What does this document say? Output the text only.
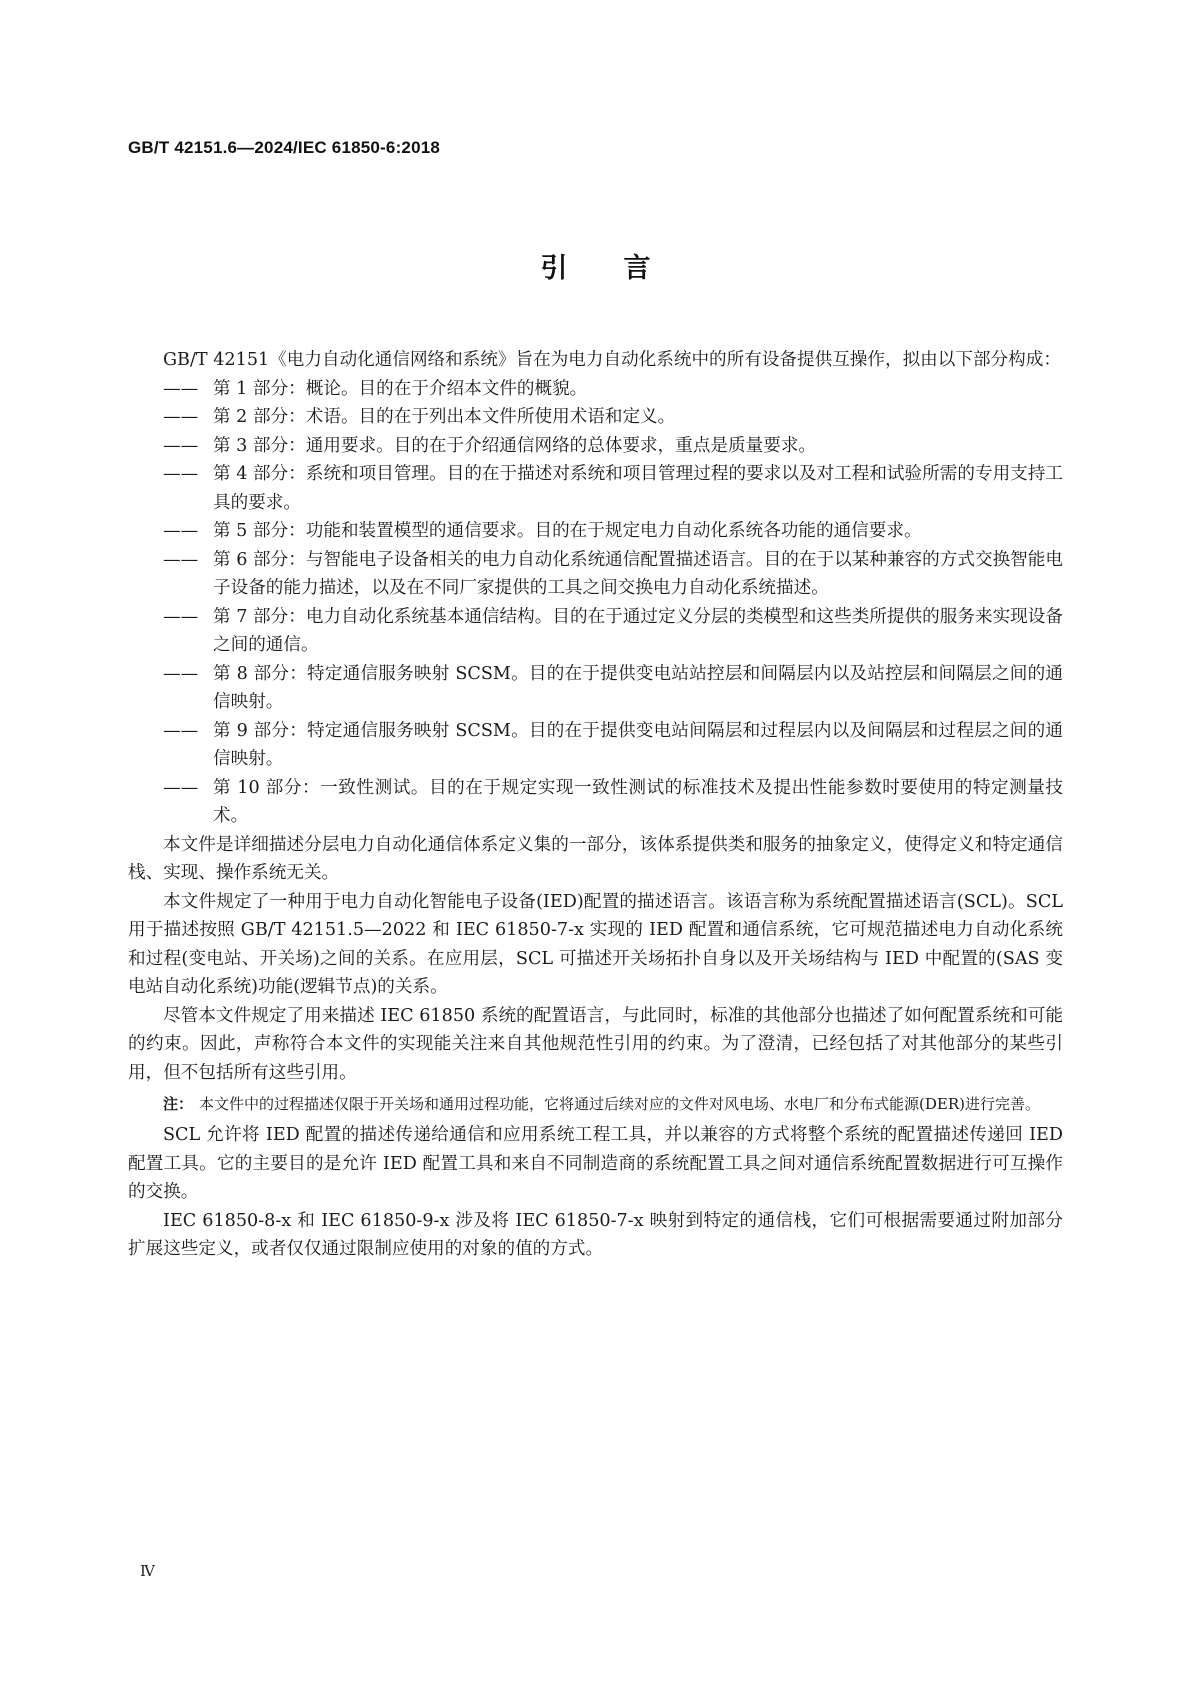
GB/T 42151.6—2024/IEC 61850-6:2018
引言

GB/T 42151《电力自动化通信网络和系统》旨在为电力自动化系统中的所有设备提供互操作，拟由以下部分构成：

—— 第 1 部分：概论。目的在于介绍本文件的概貌。
—— 第 2 部分：术语。目的在于列出本文件所使用术语和定义。
—— 第 3 部分：通用要求。目的在于介绍通信网络的总体要求，重点是质量要求。
—— 第 4 部分：系统和项目管理。目的在于描述对系统和项目管理过程的要求以及对工程和试验所需的专用支持工具的要求。
—— 第 5 部分：功能和装置模型的通信要求。目的在于规定电力自动化系统各功能的通信要求。
—— 第 6 部分：与智能电子设备相关的电力自动化系统通信配置描述语言。目的在于以某种兼容的方式交换智能电子设备的能力描述，以及在不同厂家提供的工具之间交换电力自动化系统描述。
—— 第 7 部分：电力自动化系统基本通信结构。目的在于通过定义分层的类模型和这些类所提供的服务来实现设备之间的通信。
—— 第 8 部分：特定通信服务映射 SCSM。目的在于提供变电站站控层和间隔层内以及站控层和间隔层之间的通信映射。
—— 第 9 部分：特定通信服务映射 SCSM。目的在于提供变电站间隔层和过程层内以及间隔层和过程层之间的通信映射。
—— 第 10 部分：一致性测试。目的在于规定实现一致性测试的标准技术及提出性能参数时要使用的特定测量技术。

本文件是详细描述分层电力自动化通信体系定义集的一部分，该体系提供类和服务的抽象定义，使得定义和特定通信栈、实现、操作系统无关。

本文件规定了一种用于电力自动化智能电子设备(IED)配置的描述语言。该语言称为系统配置描述语言(SCL)。SCL 用于描述按照 GB/T 42151.5—2022 和 IEC 61850-7-x 实现的 IED 配置和通信系统，它可规范描述电力自动化系统和过程(变电站、开关场)之间的关系。在应用层，SCL 可描述开关场拓扑自身以及开关场结构与 IED 中配置的(SAS 变电站自动化系统)功能(逻辑节点)的关系。

尽管本文件规定了用来描述 IEC 61850 系统的配置语言，与此同时，标准的其他部分也描述了如何配置系统和可能的约束。因此，声称符合本文件的实现能关注来自其他规范性引用的约束。为了澄清，已经包括了对其他部分的某些引用，但不包括所有这些引用。

注： 本文件中的过程描述仅限于开关场和通用过程功能，它将通过后续对应的文件对风电场、水电厂和分布式能源(DER)进行完善。

SCL 允许将 IED 配置的描述传递给通信和应用系统工程工具，并以兼容的方式将整个系统的配置描述传递回 IED 配置工具。它的主要目的是允许 IED 配置工具和来自不同制造商的系统配置工具之间对通信系统配置数据进行可互操作的交换。

IEC 61850-8-x 和 IEC 61850-9-x 涉及将 IEC 61850-7-x 映射到特定的通信栈，它们可根据需要通过附加部分扩展这些定义，或者仅仅通过限制应使用的对象的值的方式。

Ⅳ
